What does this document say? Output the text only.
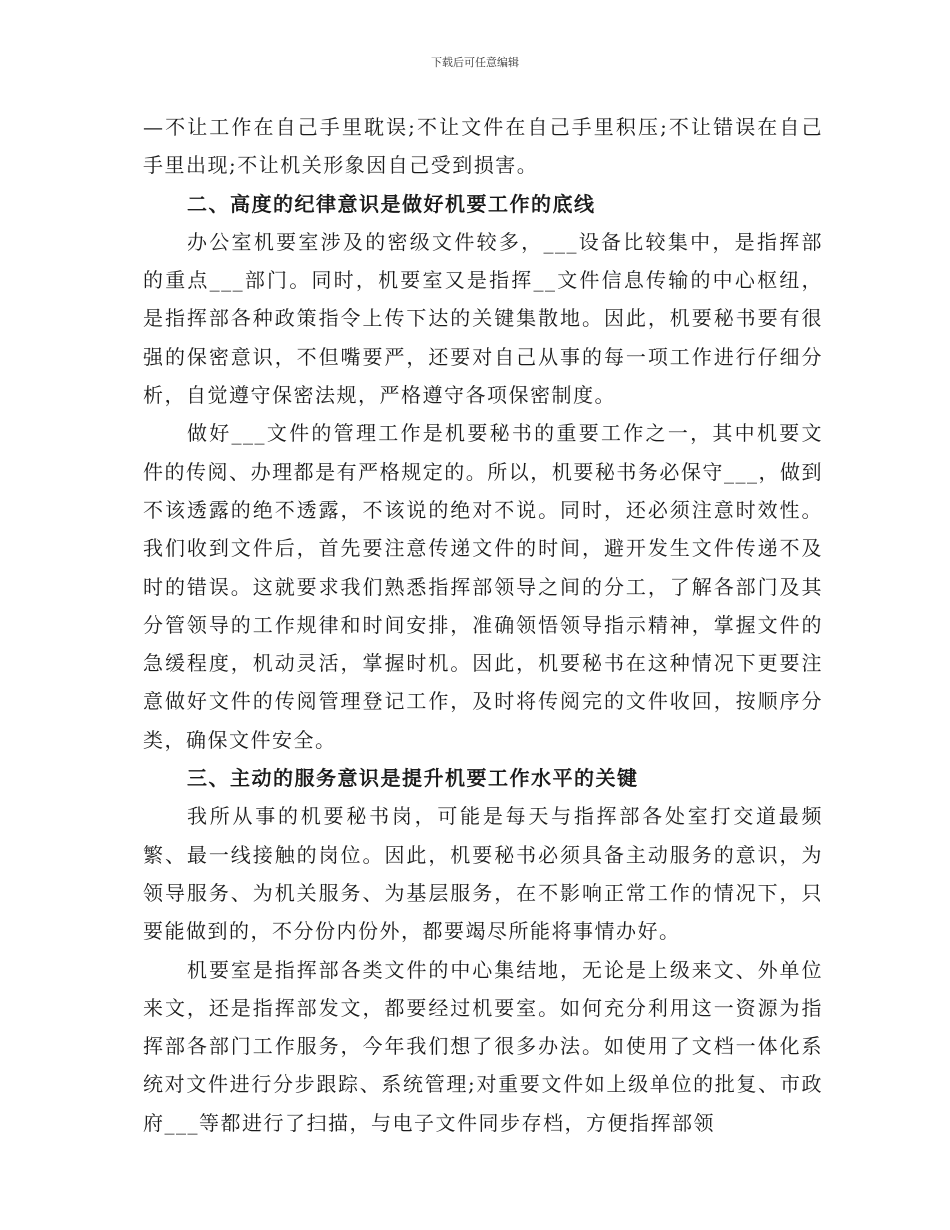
下载后可任意编辑

—不让工作在自己手里耽误;不让文件在自己手里积压;不让错误在自己手里出现;不让机关形象因自己受到损害。

二、高度的纪律意识是做好机要工作的底线

办公室机要室涉及的密级文件较多，___设备比较集中，是指挥部的重点___部门。同时，机要室又是指挥__文件信息传输的中心枢纽，是指挥部各种政策指令上传下达的关键集散地。因此，机要秘书要有很强的保密意识，不但嘴要严，还要对自己从事的每一项工作进行仔细分析，自觉遵守保密法规，严格遵守各项保密制度。

做好___文件的管理工作是机要秘书的重要工作之一，其中机要文件的传阅、办理都是有严格规定的。所以，机要秘书务必保守___，做到不该透露的绝不透露，不该说的绝对不说。同时，还必须注意时效性。我们收到文件后，首先要注意传递文件的时间，避开发生文件传递不及时的错误。这就要求我们熟悉指挥部领导之间的分工，了解各部门及其分管领导的工作规律和时间安排，准确领悟领导指示精神，掌握文件的急缓程度，机动灵活，掌握时机。因此，机要秘书在这种情况下更要注意做好文件的传阅管理登记工作，及时将传阅完的文件收回，按顺序分类，确保文件安全。

三、主动的服务意识是提升机要工作水平的关键

我所从事的机要秘书岗，可能是每天与指挥部各处室打交道最频繁、最一线接触的岗位。因此，机要秘书必须具备主动服务的意识，为领导服务、为机关服务、为基层服务，在不影响正常工作的情况下，只要能做到的，不分份内份外，都要竭尽所能将事情办好。

机要室是指挥部各类文件的中心集结地，无论是上级来文、外单位来文，还是指挥部发文，都要经过机要室。如何充分利用这一资源为指挥部各部门工作服务，今年我们想了很多办法。如使用了文档一体化系统对文件进行分步跟踪、系统管理;对重要文件如上级单位的批复、市政府___等都进行了扫描，与电子文件同步存档，方便指挥部领
